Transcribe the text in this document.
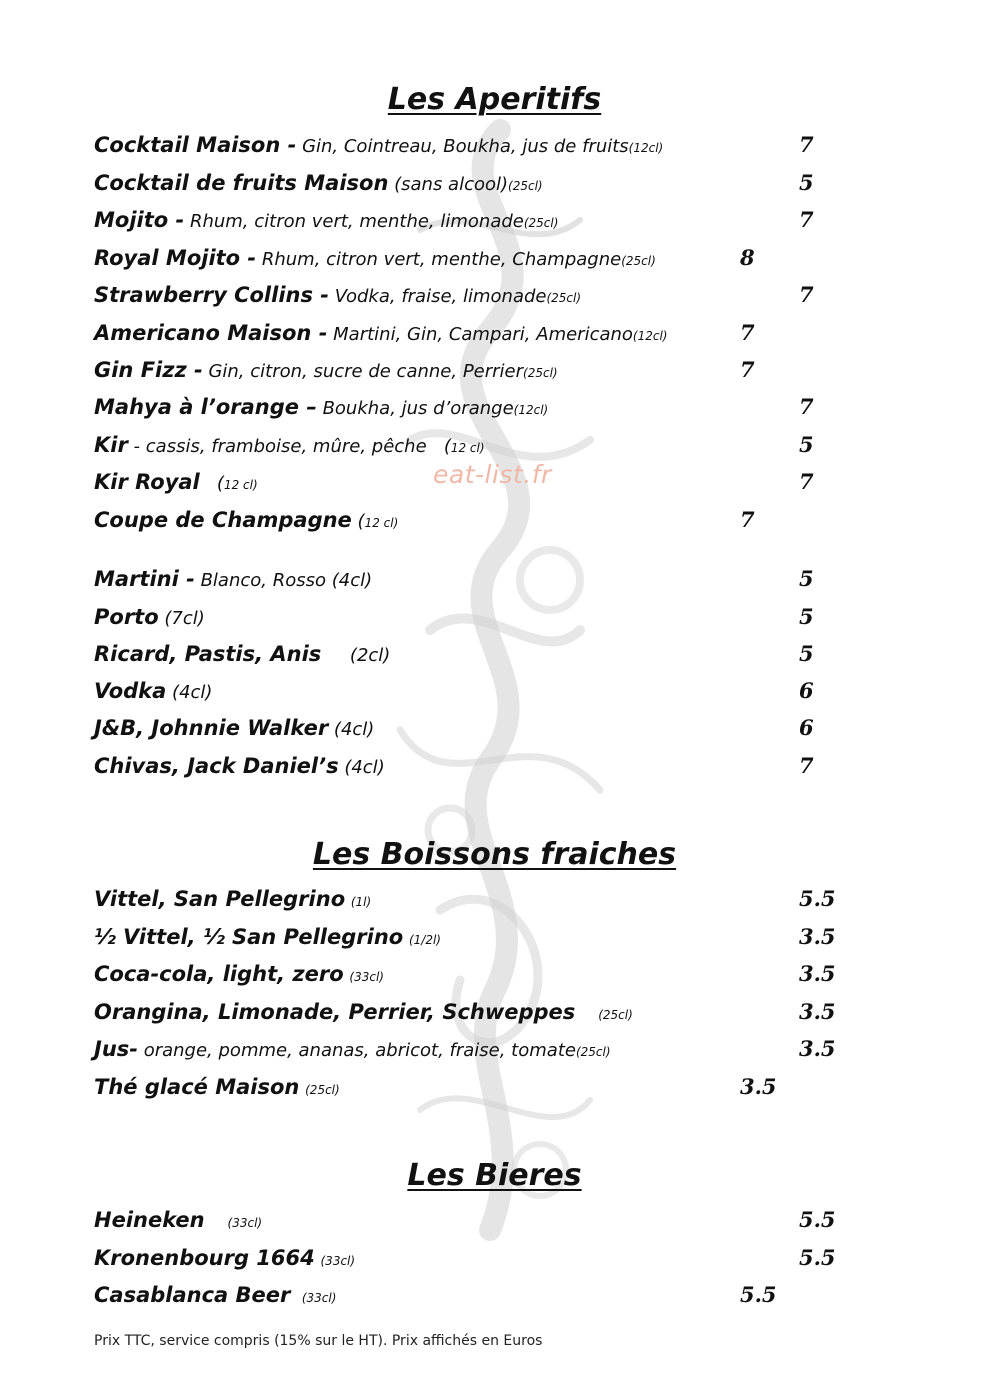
eat-list.fr
Les Aperitifs
Cocktail Maison - Gin, Cointreau, Boukha, jus de fruits(12cl)	7
Cocktail de fruits Maison (sans alcool)(25cl)	5
Mojito - Rhum, citron vert, menthe, limonade(25cl)	7
Royal Mojito - Rhum, citron vert, menthe, Champagne(25cl)	8
Strawberry Collins - Vodka, fraise, limonade(25cl)	7
Americano Maison - Martini, Gin, Campari, Americano(12cl)	7
Gin Fizz - Gin, citron, sucre de canne, Perrier(25cl)	7
Mahya à l’orange – Boukha, jus d’orange(12cl)	7
Kir - cassis, framboise, mûre, pêche   (12 cl)	5
Kir Royal   (12 cl)	7
Coupe de Champagne (12 cl)	7
Martini - Blanco, Rosso (4cl)	5
Porto (7cl)	5
Ricard, Pastis, Anis     (2cl)	5
Vodka (4cl)	6
J&B, Johnnie Walker (4cl)	6
Chivas, Jack Daniel’s (4cl)	7
Les Boissons fraiches
Vittel, San Pellegrino (1l)	5.5
½ Vittel, ½ San Pellegrino (1/2l)	3.5
Coca-cola, light, zero (33cl)	3.5
Orangina, Limonade, Perrier, Schweppes (25cl)	3.5
Jus- orange, pomme, ananas, abricot, fraise, tomate(25cl)	3.5
Thé glacé Maison (25cl)	3.5
Les Bieres
Heineken (33cl)	5.5
Kronenbourg 1664 (33cl)	5.5
Casablanca Beer (33cl)	5.5
Prix TTC, service compris (15% sur le HT). Prix affichés en Euros
